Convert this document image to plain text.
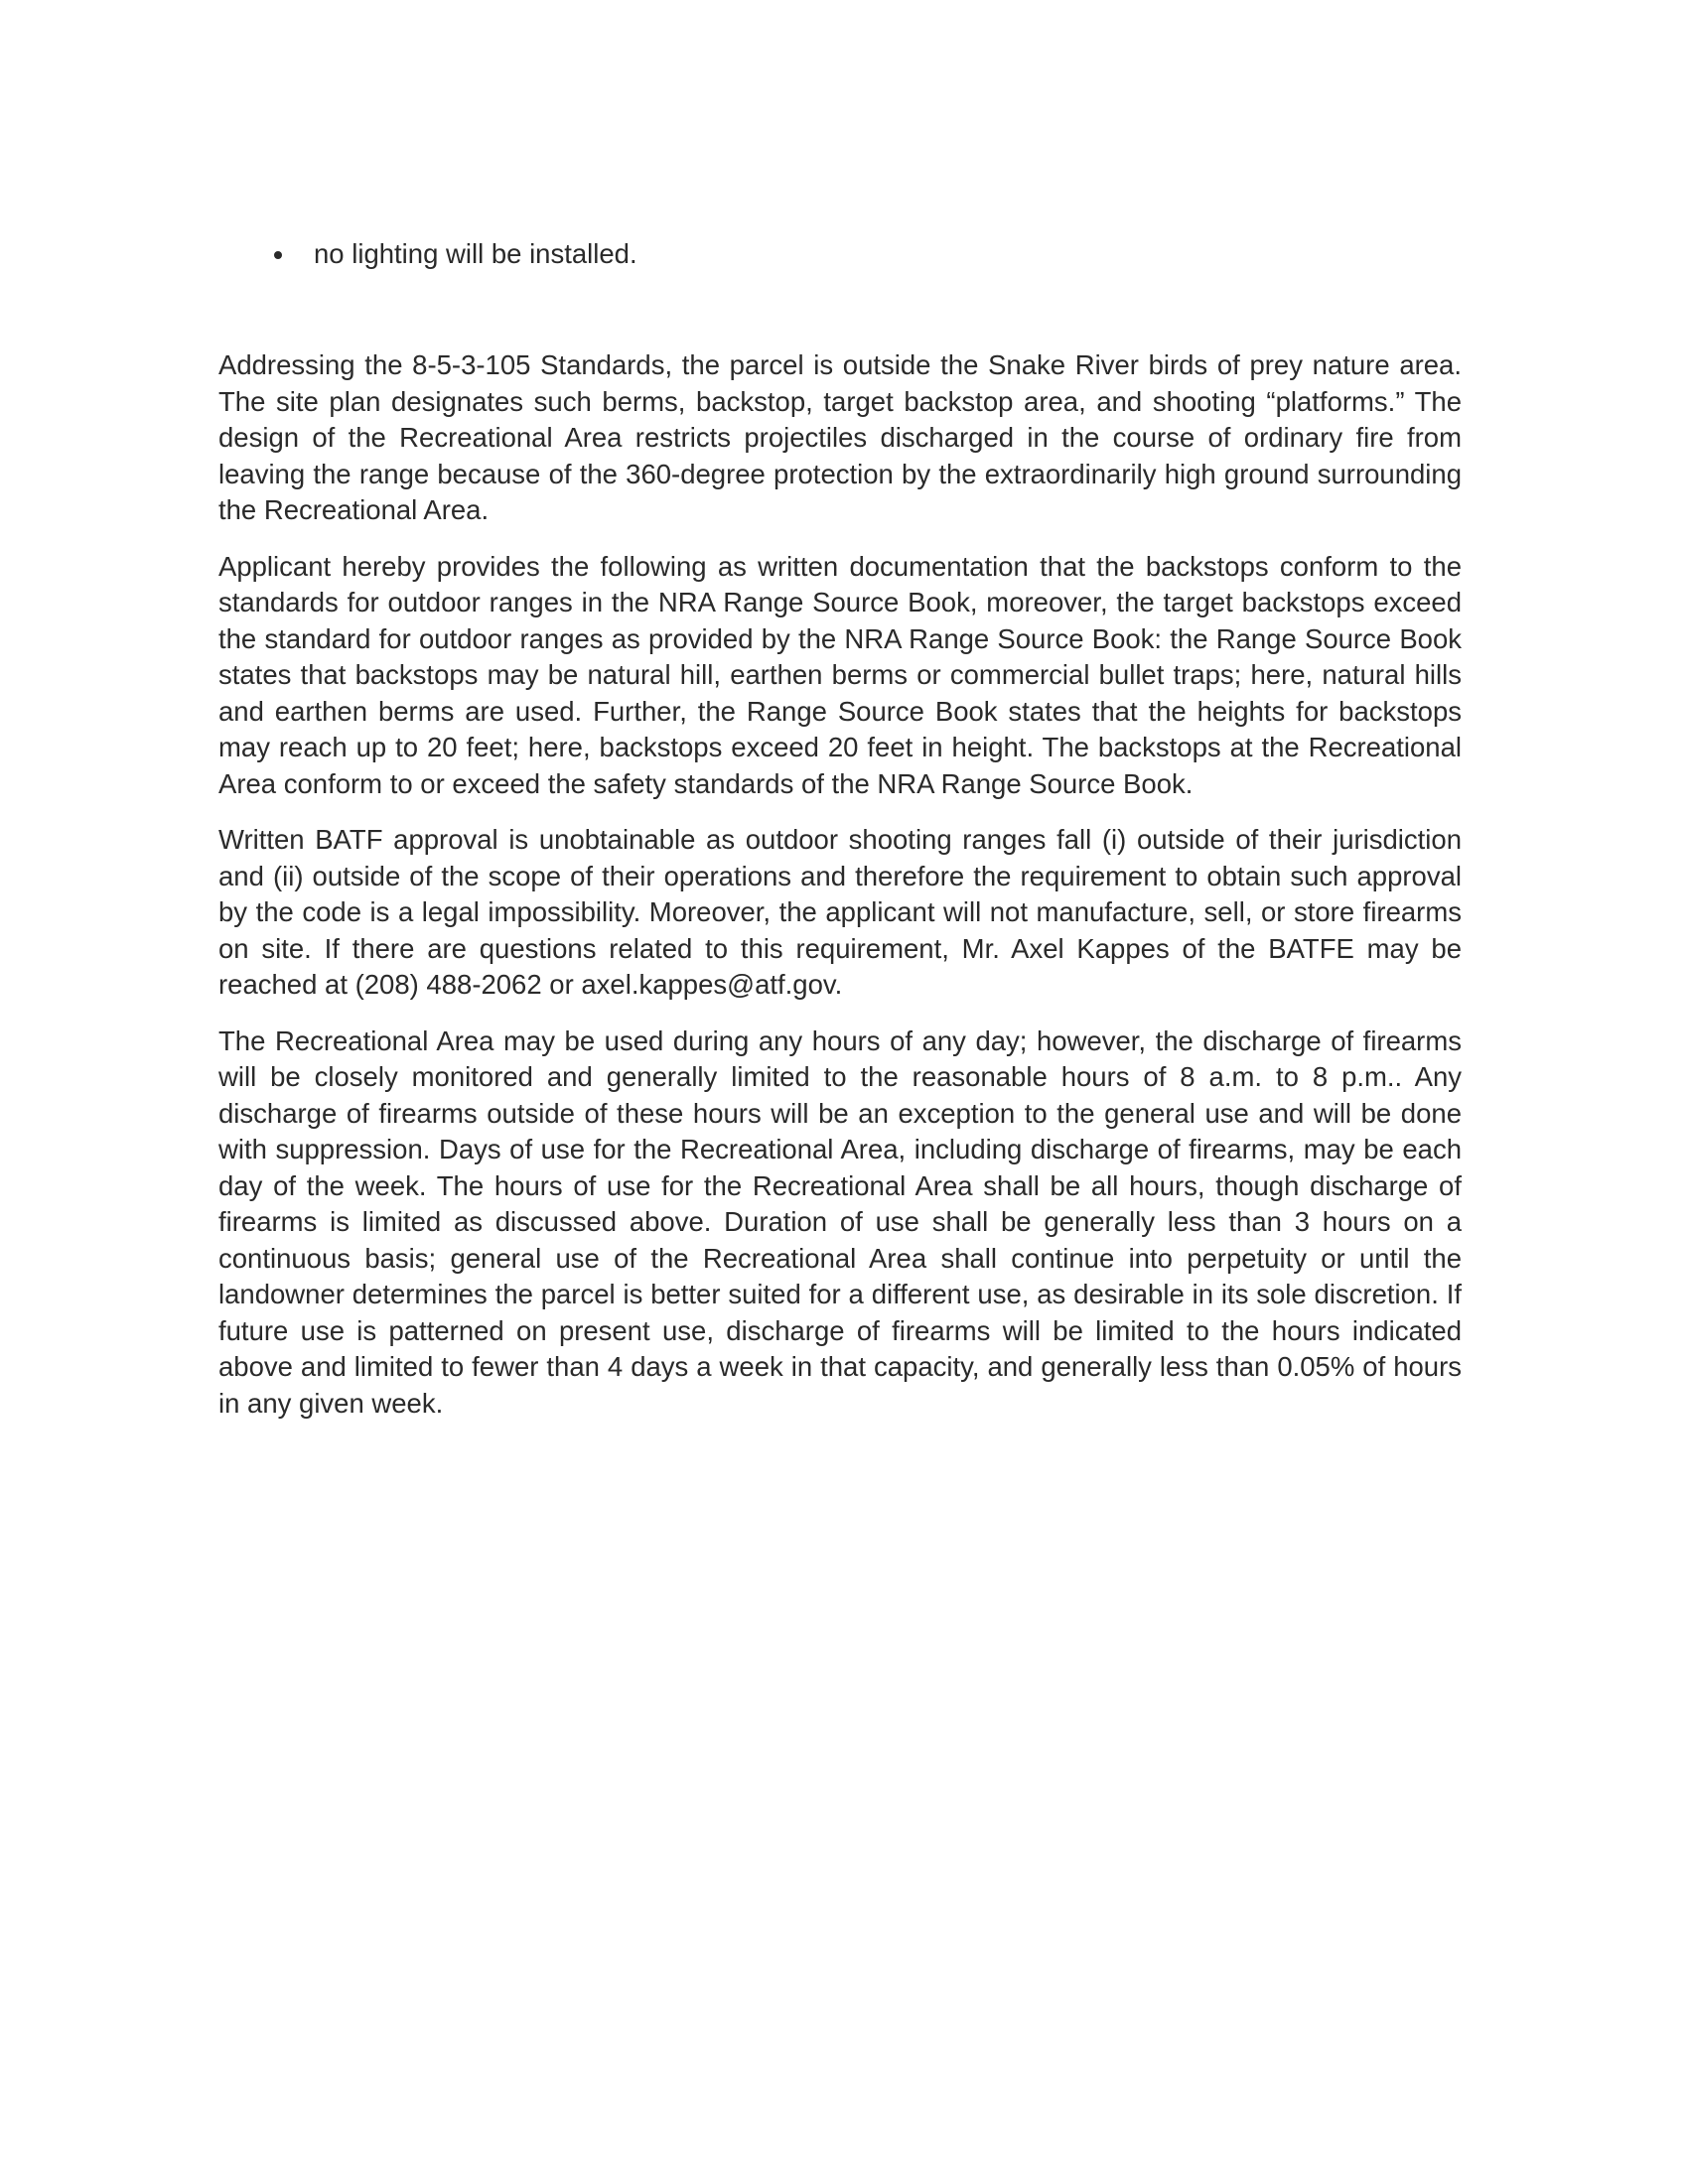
no lighting will be installed.

Addressing the 8-5-3-105 Standards, the parcel is outside the Snake River birds of prey nature area. The site plan designates such berms, backstop, target backstop area, and shooting “platforms.” The design of the Recreational Area restricts projectiles discharged in the course of ordinary fire from leaving the range because of the 360-degree protection by the extraordinarily high ground surrounding the Recreational Area.

Applicant hereby provides the following as written documentation that the backstops conform to the standards for outdoor ranges in the NRA Range Source Book, moreover, the target backstops exceed the standard for outdoor ranges as provided by the NRA Range Source Book: the Range Source Book states that backstops may be natural hill, earthen berms or commercial bullet traps; here, natural hills and earthen berms are used. Further, the Range Source Book states that the heights for backstops may reach up to 20 feet; here, backstops exceed 20 feet in height. The backstops at the Recreational Area conform to or exceed the safety standards of the NRA Range Source Book.

Written BATF approval is unobtainable as outdoor shooting ranges fall (i) outside of their jurisdiction and (ii) outside of the scope of their operations and therefore the requirement to obtain such approval by the code is a legal impossibility. Moreover, the applicant will not manufacture, sell, or store firearms on site. If there are questions related to this requirement, Mr. Axel Kappes of the BATFE may be reached at (208) 488-2062 or axel.kappes@atf.gov.

The Recreational Area may be used during any hours of any day; however, the discharge of firearms will be closely monitored and generally limited to the reasonable hours of 8 a.m. to 8 p.m.. Any discharge of firearms outside of these hours will be an exception to the general use and will be done with suppression. Days of use for the Recreational Area, including discharge of firearms, may be each day of the week. The hours of use for the Recreational Area shall be all hours, though discharge of firearms is limited as discussed above. Duration of use shall be generally less than 3 hours on a continuous basis; general use of the Recreational Area shall continue into perpetuity or until the landowner determines the parcel is better suited for a different use, as desirable in its sole discretion. If future use is patterned on present use, discharge of firearms will be limited to the hours indicated above and limited to fewer than 4 days a week in that capacity, and generally less than 0.05% of hours in any given week.
